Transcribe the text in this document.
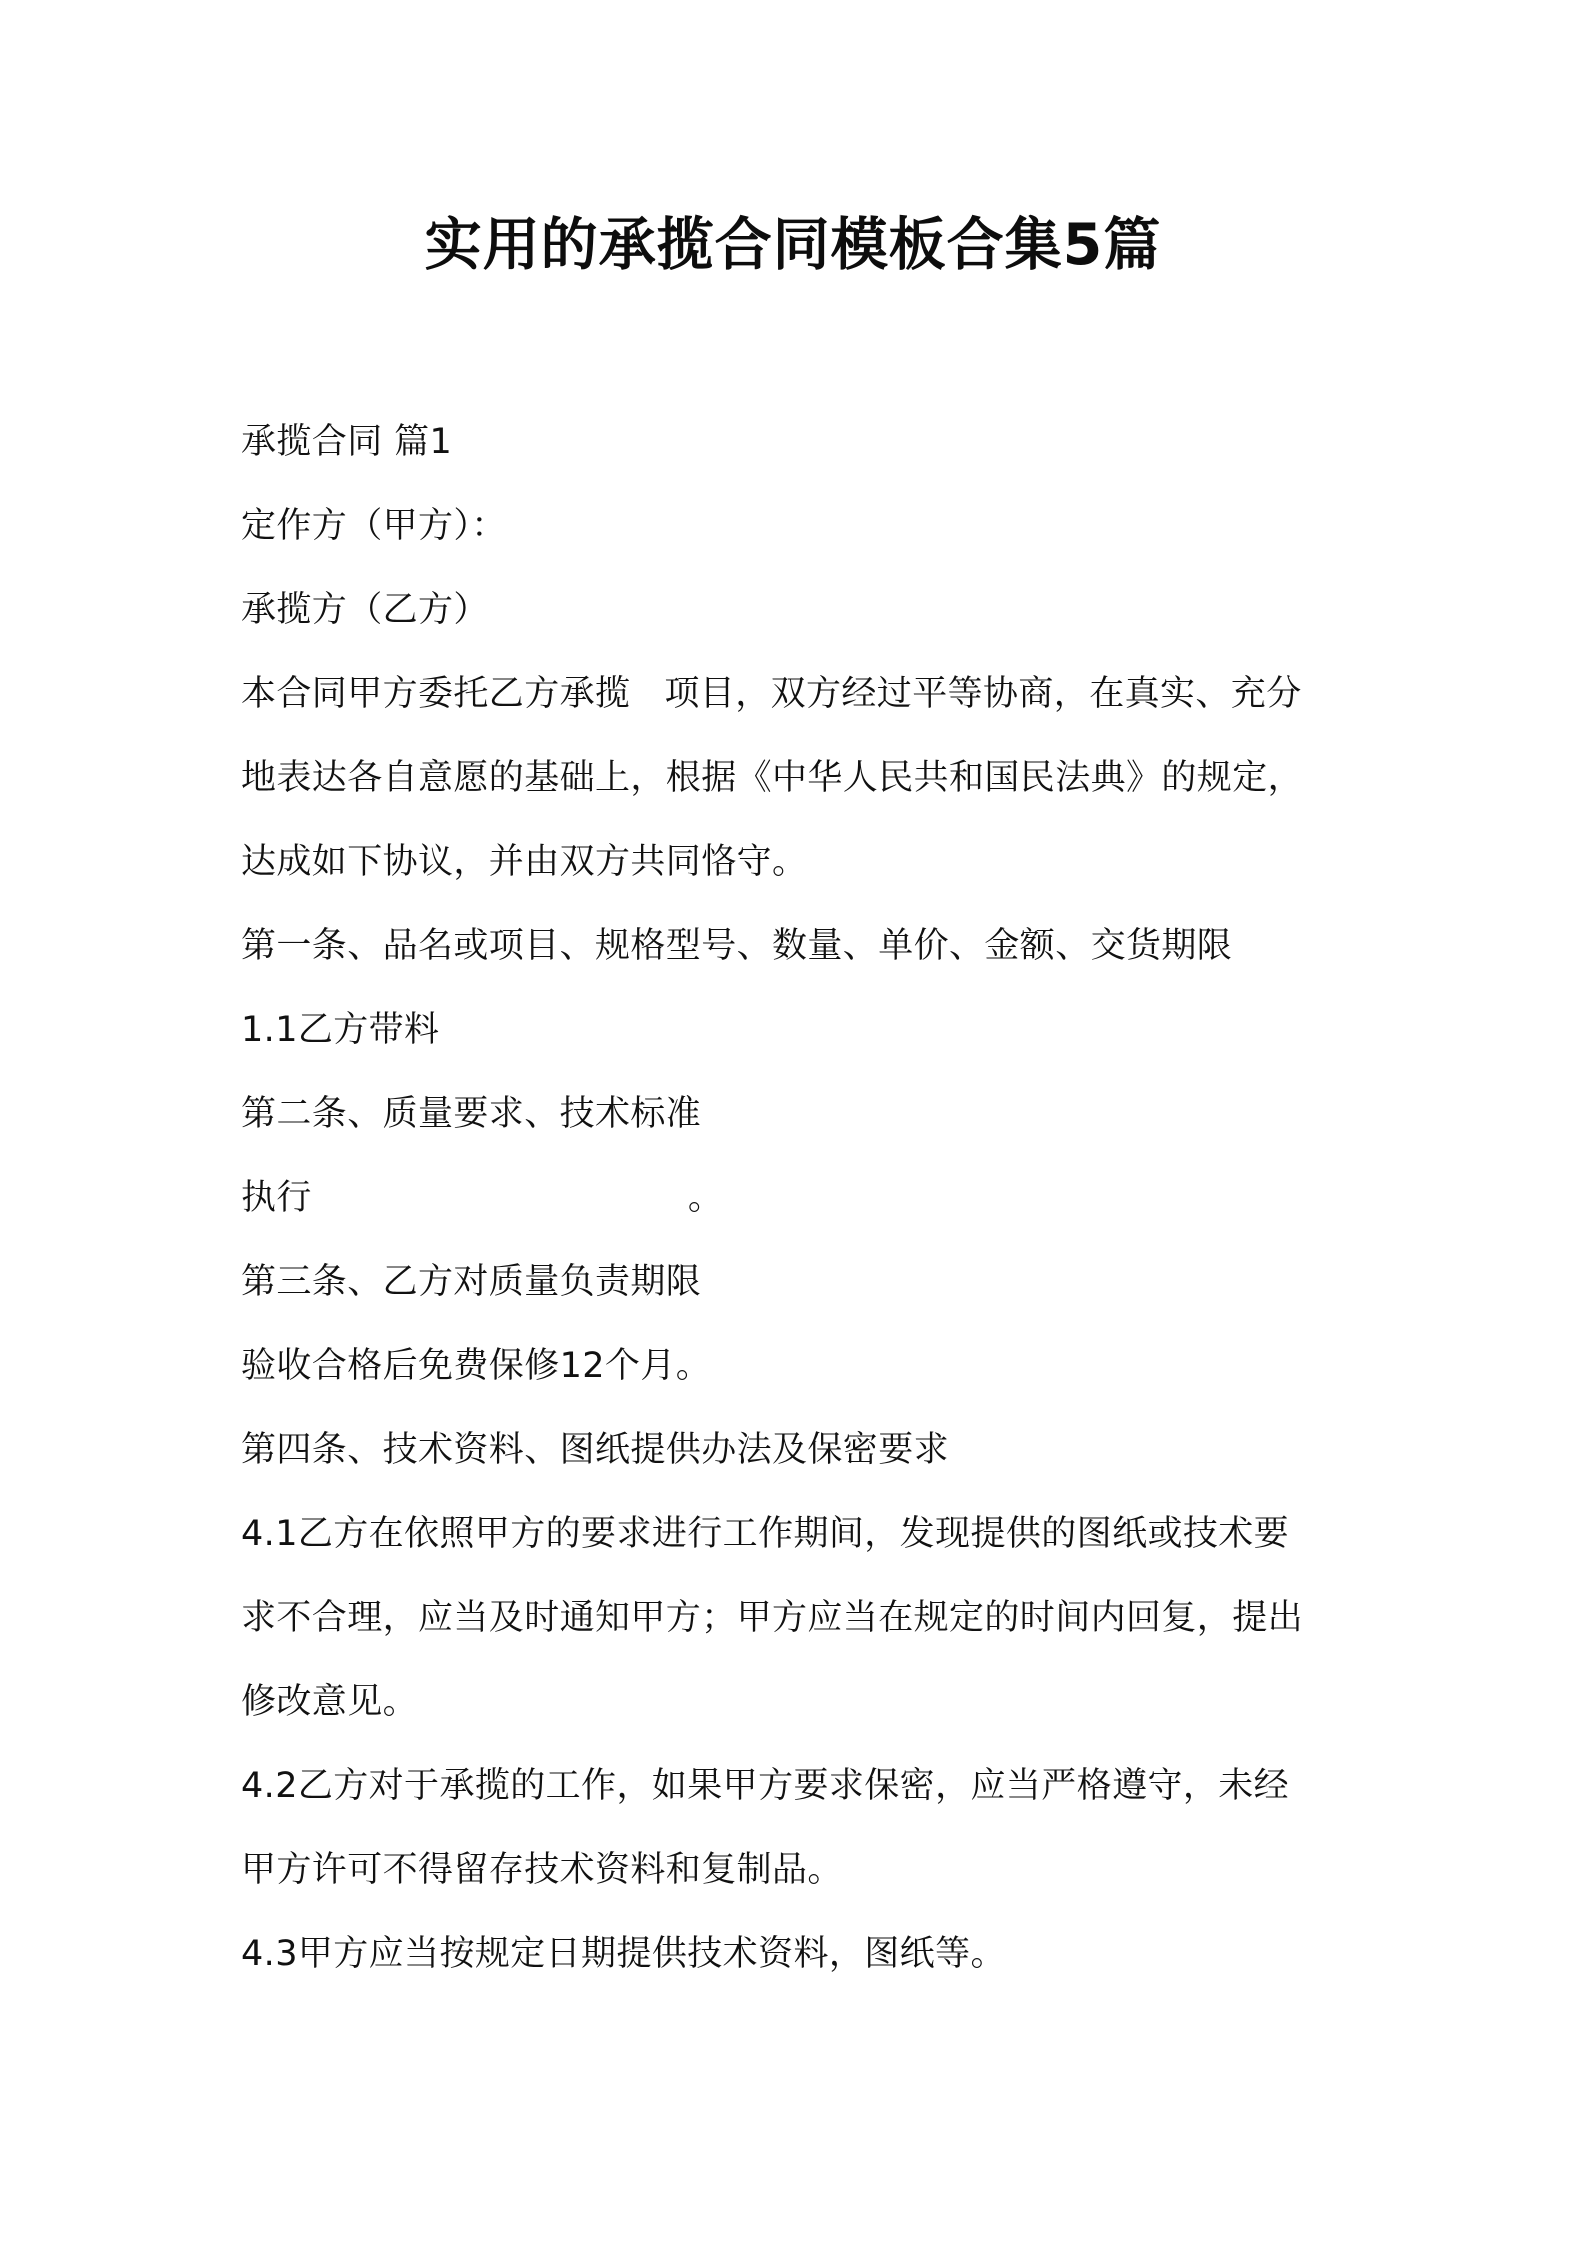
实用的承揽合同模板合集5篇
承揽合同 篇1
定作方（甲方）：
承揽方（乙方）
本合同甲方委托乙方承揽 项目，双方经过平等协商，在真实、充分
地表达各自意愿的基础上，根据《中华人民共和国民法典》的规定，
达成如下协议，并由双方共同恪守。
第一条、品名或项目、规格型号、数量、单价、金额、交货期限
1.1乙方带料
第二条、质量要求、技术标准
执行	。
第三条、乙方对质量负责期限
验收合格后免费保修12个月。
第四条、技术资料、图纸提供办法及保密要求
4.1乙方在依照甲方的要求进行工作期间，发现提供的图纸或技术要
求不合理，应当及时通知甲方；甲方应当在规定的时间内回复，提出
修改意见。
4.2乙方对于承揽的工作，如果甲方要求保密，应当严格遵守，未经
甲方许可不得留存技术资料和复制品。
4.3甲方应当按规定日期提供技术资料，图纸等。
